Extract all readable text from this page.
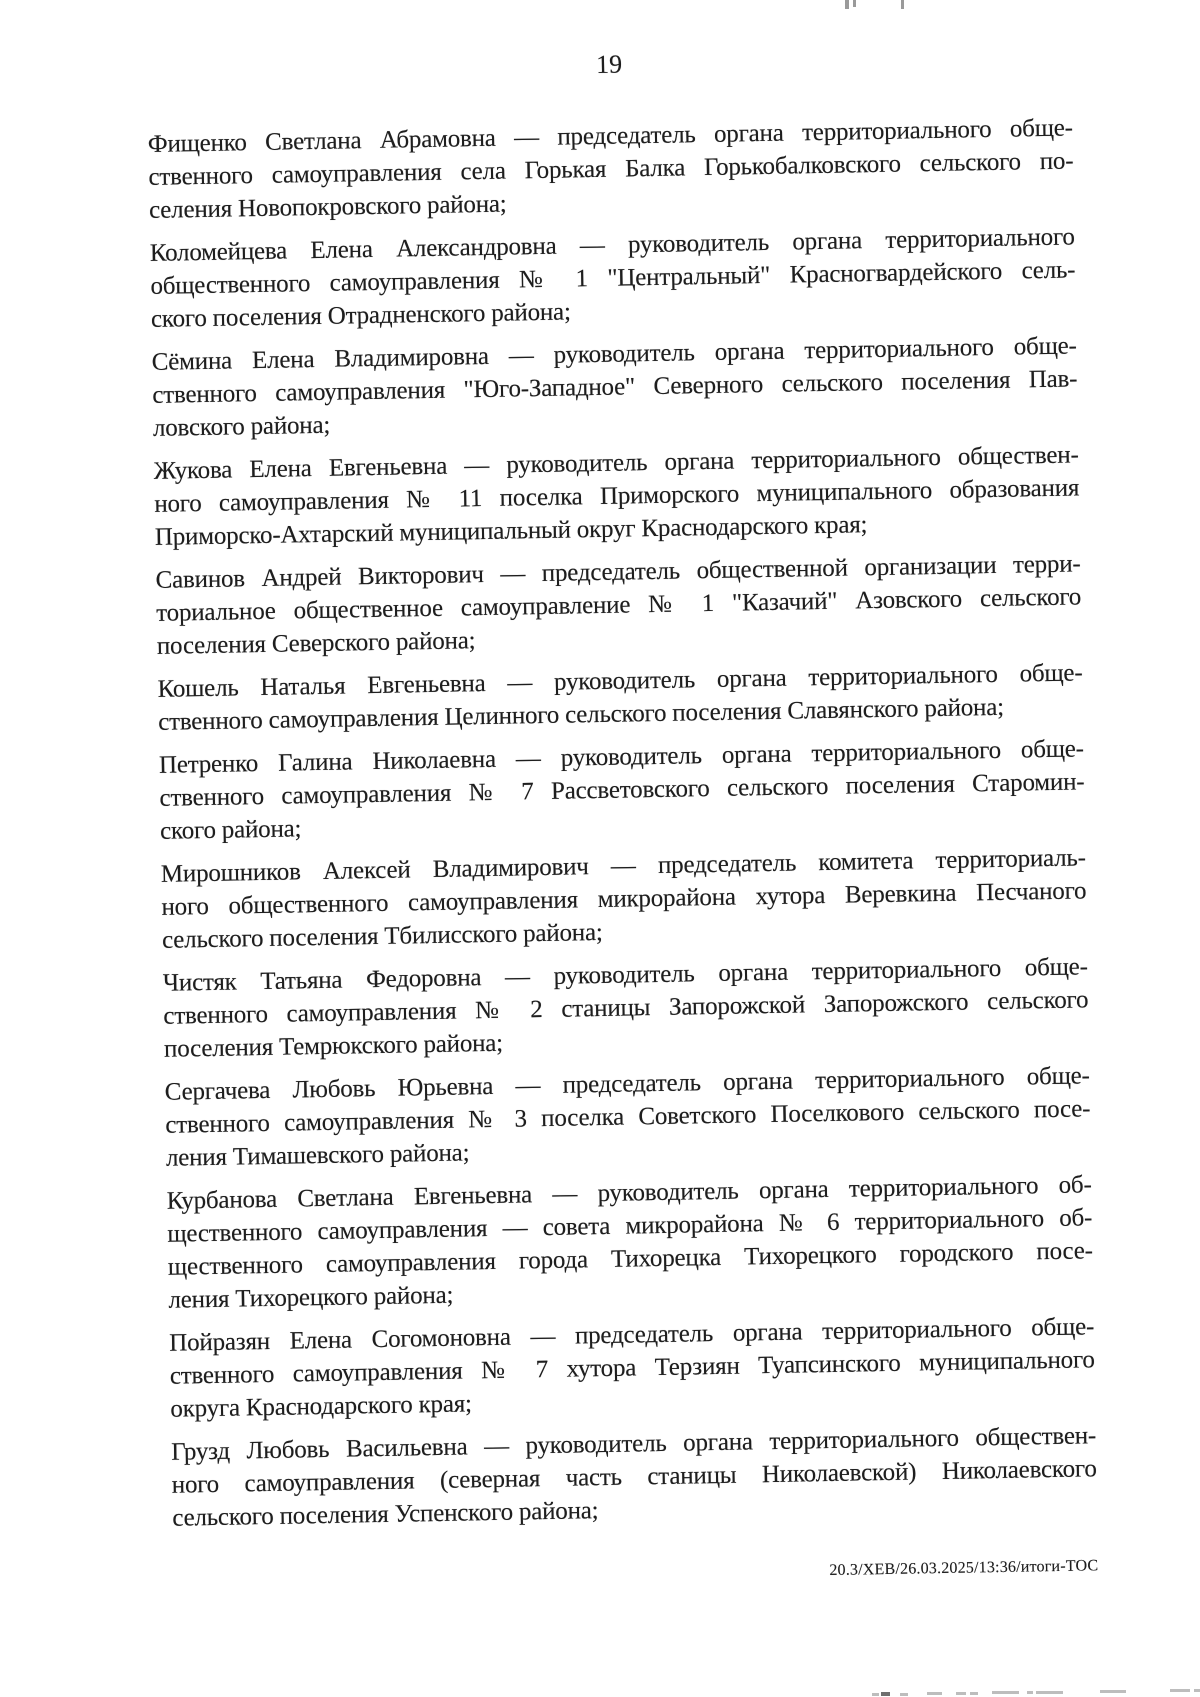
19
Фищенко Светлана Абрамовна — председатель органа территориального обще-
ственного самоуправления села Горькая Балка Горькобалковского сельского по-
селения Новопокровского района;
Коломейцева Елена Александровна — руководитель органа территориального
общественного самоуправления № 1 "Центральный" Красногвардейского сель-
ского поселения Отрадненского района;
Сёмина Елена Владимировна — руководитель органа территориального обще-
ственного самоуправления "Юго-Западное" Северного сельского поселения Пав-
ловского района;
Жукова Елена Евгеньевна — руководитель органа территориального обществен-
ного самоуправления № 11 поселка Приморского муниципального образования
Приморско-Ахтарский муниципальный округ Краснодарского края;
Савинов Андрей Викторович — председатель общественной организации терри-
ториальное общественное самоуправление № 1 "Казачий" Азовского сельского
поселения Северского района;
Кошель Наталья Евгеньевна — руководитель органа территориального обще-
ственного самоуправления Целинного сельского поселения Славянского района;
Петренко Галина Николаевна — руководитель органа территориального обще-
ственного самоуправления № 7 Рассветовского сельского поселения Старомин-
ского района;
Мирошников Алексей Владимирович — председатель комитета территориаль-
ного общественного самоуправления микрорайона хутора Веревкина Песчаного
сельского поселения Тбилисского района;
Чистяк Татьяна Федоровна — руководитель органа территориального обще-
ственного самоуправления № 2 станицы Запорожской Запорожского сельского
поселения Темрюкского района;
Сергачева Любовь Юрьевна — председатель органа территориального обще-
ственного самоуправления № 3 поселка Советского Поселкового сельского посе-
ления Тимашевского района;
Курбанова Светлана Евгеньевна — руководитель органа территориального об-
щественного самоуправления — совета микрорайона № 6 территориального об-
щественного самоуправления города Тихорецка Тихорецкого городского посе-
ления Тихорецкого района;
Пойразян Елена Согомоновна — председатель органа территориального обще-
ственного самоуправления № 7 хутора Терзиян Туапсинского муниципального
округа Краснодарского края;
Грузд Любовь Васильевна — руководитель органа территориального обществен-
ного самоуправления (северная часть станицы Николаевской) Николаевского
сельского поселения Успенского района;
20.3/ХЕВ/26.03.2025/13:36/итоги-ТОС
